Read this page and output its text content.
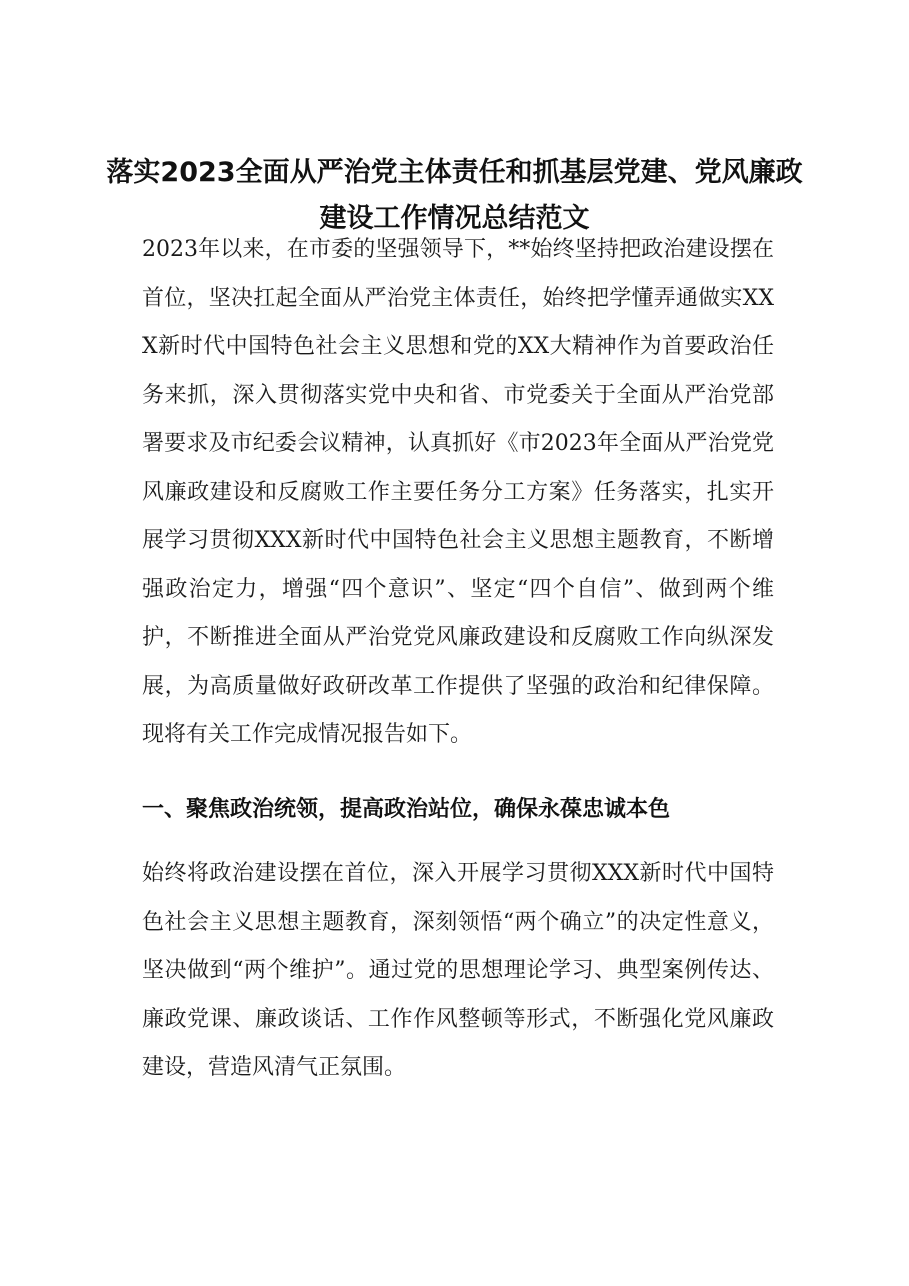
落实2023全面从严治党主体责任和抓基层党建、党风廉政建设工作情况总结范文

2023年以来，在市委的坚强领导下，**始终坚持把政治建设摆在首位，坚决扛起全面从严治党主体责任，始终把学懂弄通做实XXX新时代中国特色社会主义思想和党的XX大精神作为首要政治任务来抓，深入贯彻落实党中央和省、市党委关于全面从严治党部署要求及市纪委会议精神，认真抓好《市2023年全面从严治党党风廉政建设和反腐败工作主要任务分工方案》任务落实，扎实开展学习贯彻XXX新时代中国特色社会主义思想主题教育，不断增强政治定力，增强“四个意识”、坚定“四个自信”、做到两个维护，不断推进全面从严治党党风廉政建设和反腐败工作向纵深发展，为高质量做好政研改革工作提供了坚强的政治和纪律保障。现将有关工作完成情况报告如下。

一、聚焦政治统领，提高政治站位，确保永葆忠诚本色

始终将政治建设摆在首位，深入开展学习贯彻XXX新时代中国特色社会主义思想主题教育，深刻领悟“两个确立”的决定性意义，坚决做到“两个维护”。通过党的思想理论学习、典型案例传达、廉政党课、廉政谈话、工作作风整顿等形式，不断强化党风廉政建设，营造风清气正氛围。
